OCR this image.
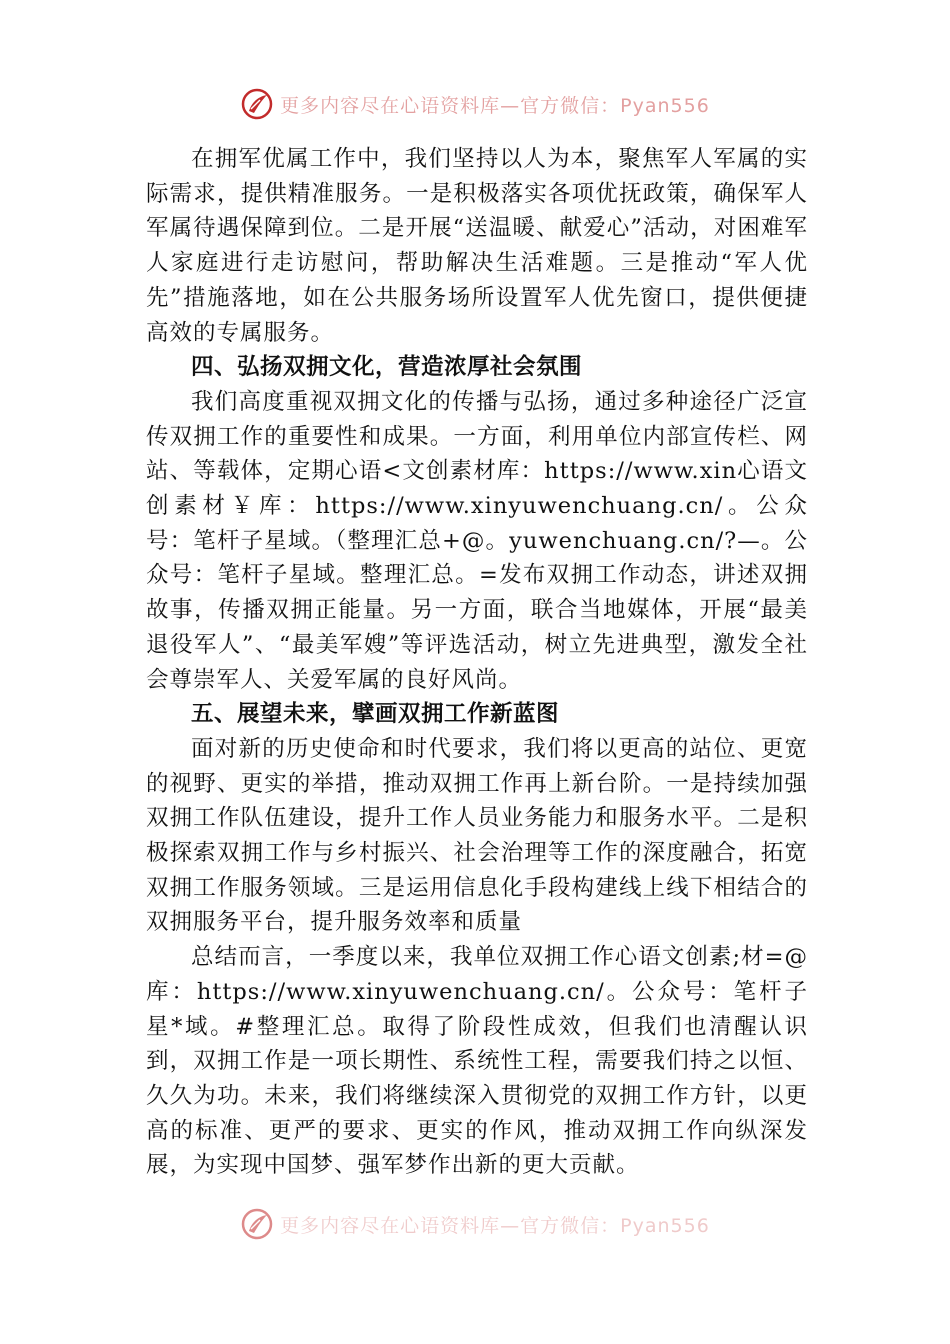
更多内容尽在心语资料库—官方微信：Pyan556

在拥军优属工作中，我们坚持以人为本，聚焦军人军属的实际需求，提供精准服务。一是积极落实各项优抚政策，确保军人军属待遇保障到位。二是开展“送温暖、献爱心”活动，对困难军人家庭进行走访慰问，帮助解决生活难题。三是推动“军人优先”措施落地，如在公共服务场所设置军人优先窗口，提供便捷高效的专属服务。

四、弘扬双拥文化，营造浓厚社会氛围

我们高度重视双拥文化的传播与弘扬，通过多种途径广泛宣传双拥工作的重要性和成果。一方面，利用单位内部宣传栏、网站、等载体，定期心语<文创素材库：https://www.xin心语文创素材￥库：https://www.xinyuwenchuang.cn/。公众号：笔杆子星域。（整理汇总+@。yuwenchuang.cn/?—。公众号：笔杆子星域。整理汇总。=发布双拥工作动态，讲述双拥故事，传播双拥正能量。另一方面，联合当地媒体，开展“最美退役军人”、“最美军嫂”等评选活动，树立先进典型，激发全社会尊崇军人、关爱军属的良好风尚。

五、展望未来，擘画双拥工作新蓝图

面对新的历史使命和时代要求，我们将以更高的站位、更宽的视野、更实的举措，推动双拥工作再上新台阶。一是持续加强双拥工作队伍建设，提升工作人员业务能力和服务水平。二是积极探索双拥工作与乡村振兴、社会治理等工作的深度融合，拓宽双拥工作服务领域。三是运用信息化手段构建线上线下相结合的双拥服务平台，提升服务效率和质量

总结而言，一季度以来，我单位双拥工作心语文创素;材=@库：https://www.xinyuwenchuang.cn/。公众号：笔杆子星*域。#整理汇总。取得了阶段性成效，但我们也清醒认识到，双拥工作是一项长期性、系统性工程，需要我们持之以恒、久久为功。未来，我们将继续深入贯彻党的双拥工作方针，以更高的标准、更严的要求、更实的作风，推动双拥工作向纵深发展，为实现中国梦、强军梦作出新的更大贡献。

更多内容尽在心语资料库—官方微信：Pyan556
